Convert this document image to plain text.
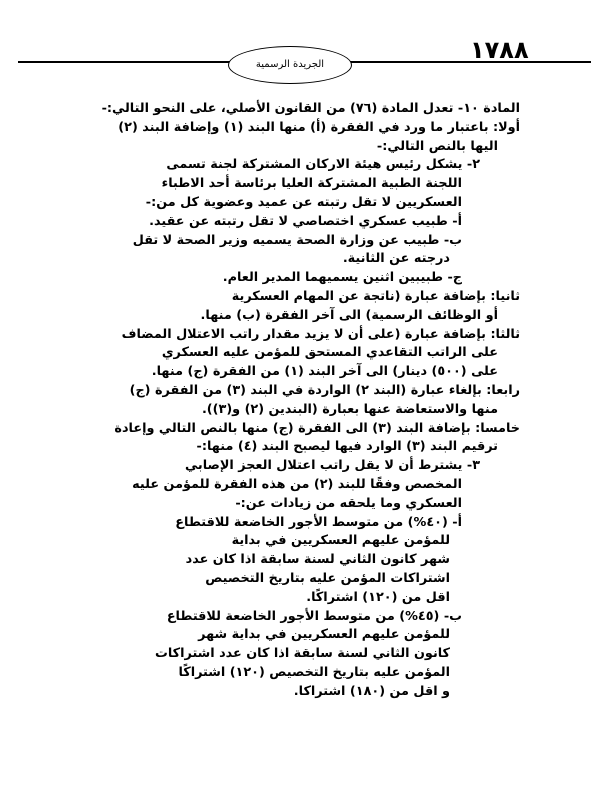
١٧٨٨
الجريدة الرسمية

المادة ١٠- تعدل المادة (٧٦) من القانون الأصلي، على النحو التالي:-

أولا: باعتبار ما ورد في الفقرة (أ) منها البند (١) وإضافة البند (٢)

اليها بالنص التالي:-

٢- يشكل رئيس هيئة الاركان المشتركة لجنة تسمى

اللجنة الطبية المشتركة العليا برئاسة أحد الاطباء

العسكريين لا تقل رتبته عن عميد وعضوية كل من:-

أ- طبيب عسكري اختصاصي لا تقل رتبته عن عقيد.

ب- طبيب عن وزارة الصحة يسميه وزير الصحة لا تقل

درجته عن الثانية.

ج- طبيبين اثنين يسميهما المدير العام.

ثانيا: بإضافة عبارة (ناتجة عن المهام العسكرية

أو الوظائف الرسمية) الى آخر الفقرة (ب) منها.

ثالثا: بإضافة عبارة (على أن لا يزيد مقدار راتب الاعتلال المضاف

على الراتب التقاعدي المستحق للمؤمن عليه العسكري

على (٥٠٠) دينار) الى آخر البند (١) من الفقرة (ج) منها.

رابعا: بإلغاء عبارة (البند ٢) الواردة في البند (٣) من الفقرة (ج)

منها والاستعاضة عنها بعبارة (البندين (٢) و(٣)).

خامسا: بإضافة البند (٣) الى الفقرة (ج) منها بالنص التالي وإعادة

ترقيم البند (٣) الوارد فيها ليصبح البند (٤) منها:-

٣- يشترط أن لا يقل راتب اعتلال العجز الإصابي

المخصص وفقًا للبند (٢) من هذه الفقرة للمؤمن عليه

العسكري وما يلحقه من زيادات عن:-

أ- (٤٠%) من متوسط الأجور الخاضعة للاقتطاع

للمؤمن عليهم العسكريين في بداية

شهر كانون الثاني لسنة سابقة اذا كان عدد

اشتراكات المؤمن عليه بتاريخ التخصيص

اقل من (١٢٠) اشتراكًا.

ب- (٤٥%) من متوسط الأجور الخاضعة للاقتطاع

للمؤمن عليهم العسكريين في بداية شهر

كانون الثاني لسنة سابقة اذا كان عدد اشتراكات

المؤمن عليه بتاريخ التخصيص (١٢٠) اشتراكًا

و اقل من (١٨٠) اشتراكا.
